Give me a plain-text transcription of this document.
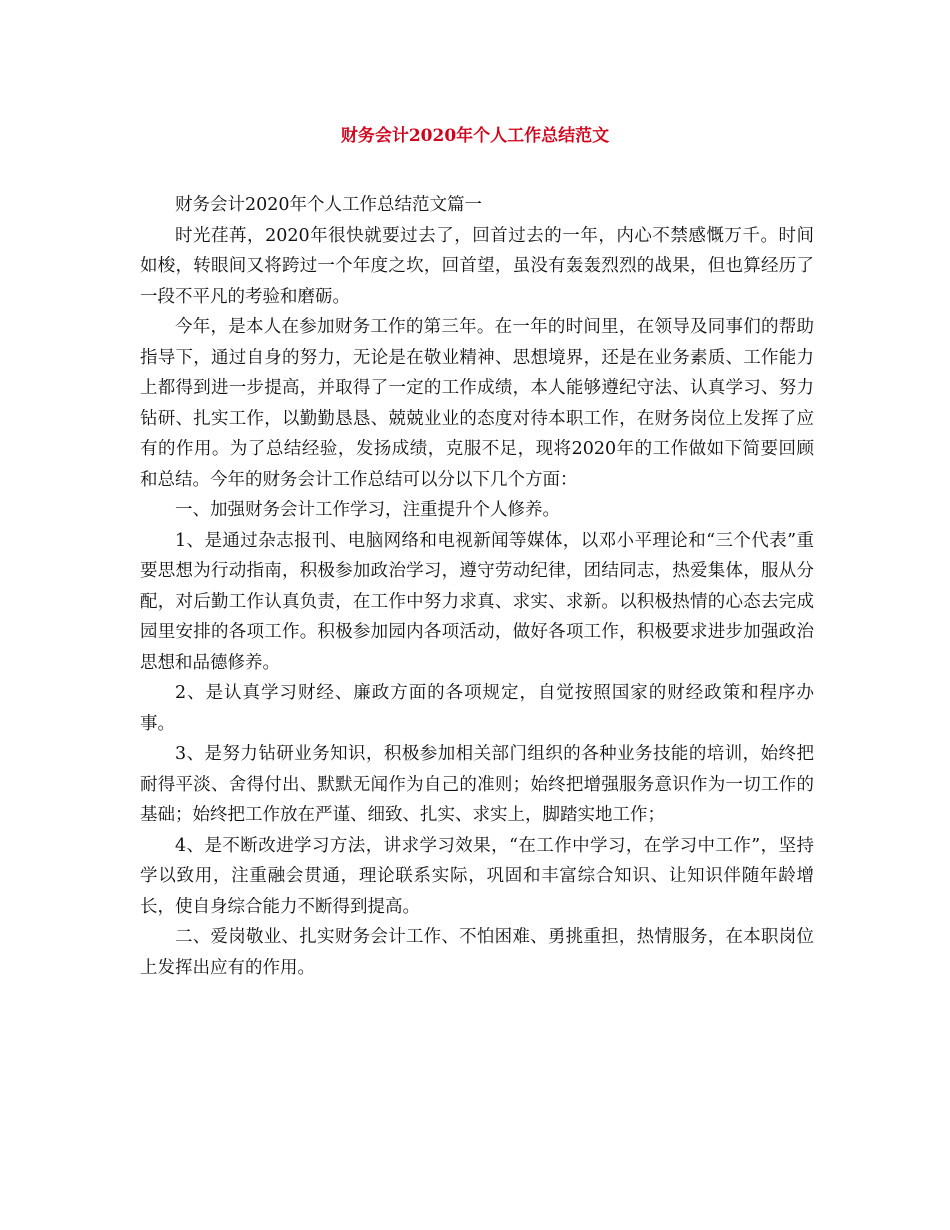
财务会计2020年个人工作总结范文

财务会计2020年个人工作总结范文篇一

时光荏苒，2020年很快就要过去了，回首过去的一年，内心不禁感慨万千。时间如梭，转眼间又将跨过一个年度之坎，回首望，虽没有轰轰烈烈的战果，但也算经历了一段不平凡的考验和磨砺。

今年，是本人在参加财务工作的第三年。在一年的时间里，在领导及同事们的帮助指导下，通过自身的努力，无论是在敬业精神、思想境界，还是在业务素质、工作能力上都得到进一步提高，并取得了一定的工作成绩，本人能够遵纪守法、认真学习、努力钻研、扎实工作，以勤勤恳恳、兢兢业业的态度对待本职工作，在财务岗位上发挥了应有的作用。为了总结经验，发扬成绩，克服不足，现将2020年的工作做如下简要回顾和总结。今年的财务会计工作总结可以分以下几个方面：

一、加强财务会计工作学习，注重提升个人修养。

1、是通过杂志报刊、电脑网络和电视新闻等媒体，以邓小平理论和“三个代表”重要思想为行动指南，积极参加政治学习，遵守劳动纪律，团结同志，热爱集体，服从分配，对后勤工作认真负责，在工作中努力求真、求实、求新。以积极热情的心态去完成园里安排的各项工作。积极参加园内各项活动，做好各项工作，积极要求进步加强政治思想和品德修养。

2、是认真学习财经、廉政方面的各项规定，自觉按照国家的财经政策和程序办事。

3、是努力钻研业务知识，积极参加相关部门组织的各种业务技能的培训，始终把耐得平淡、舍得付出、默默无闻作为自己的准则；始终把增强服务意识作为一切工作的基础；始终把工作放在严谨、细致、扎实、求实上，脚踏实地工作；

4、是不断改进学习方法，讲求学习效果，“在工作中学习，在学习中工作”，坚持学以致用，注重融会贯通，理论联系实际，巩固和丰富综合知识、让知识伴随年龄增长，使自身综合能力不断得到提高。

二、爱岗敬业、扎实财务会计工作、不怕困难、勇挑重担，热情服务，在本职岗位上发挥出应有的作用。
